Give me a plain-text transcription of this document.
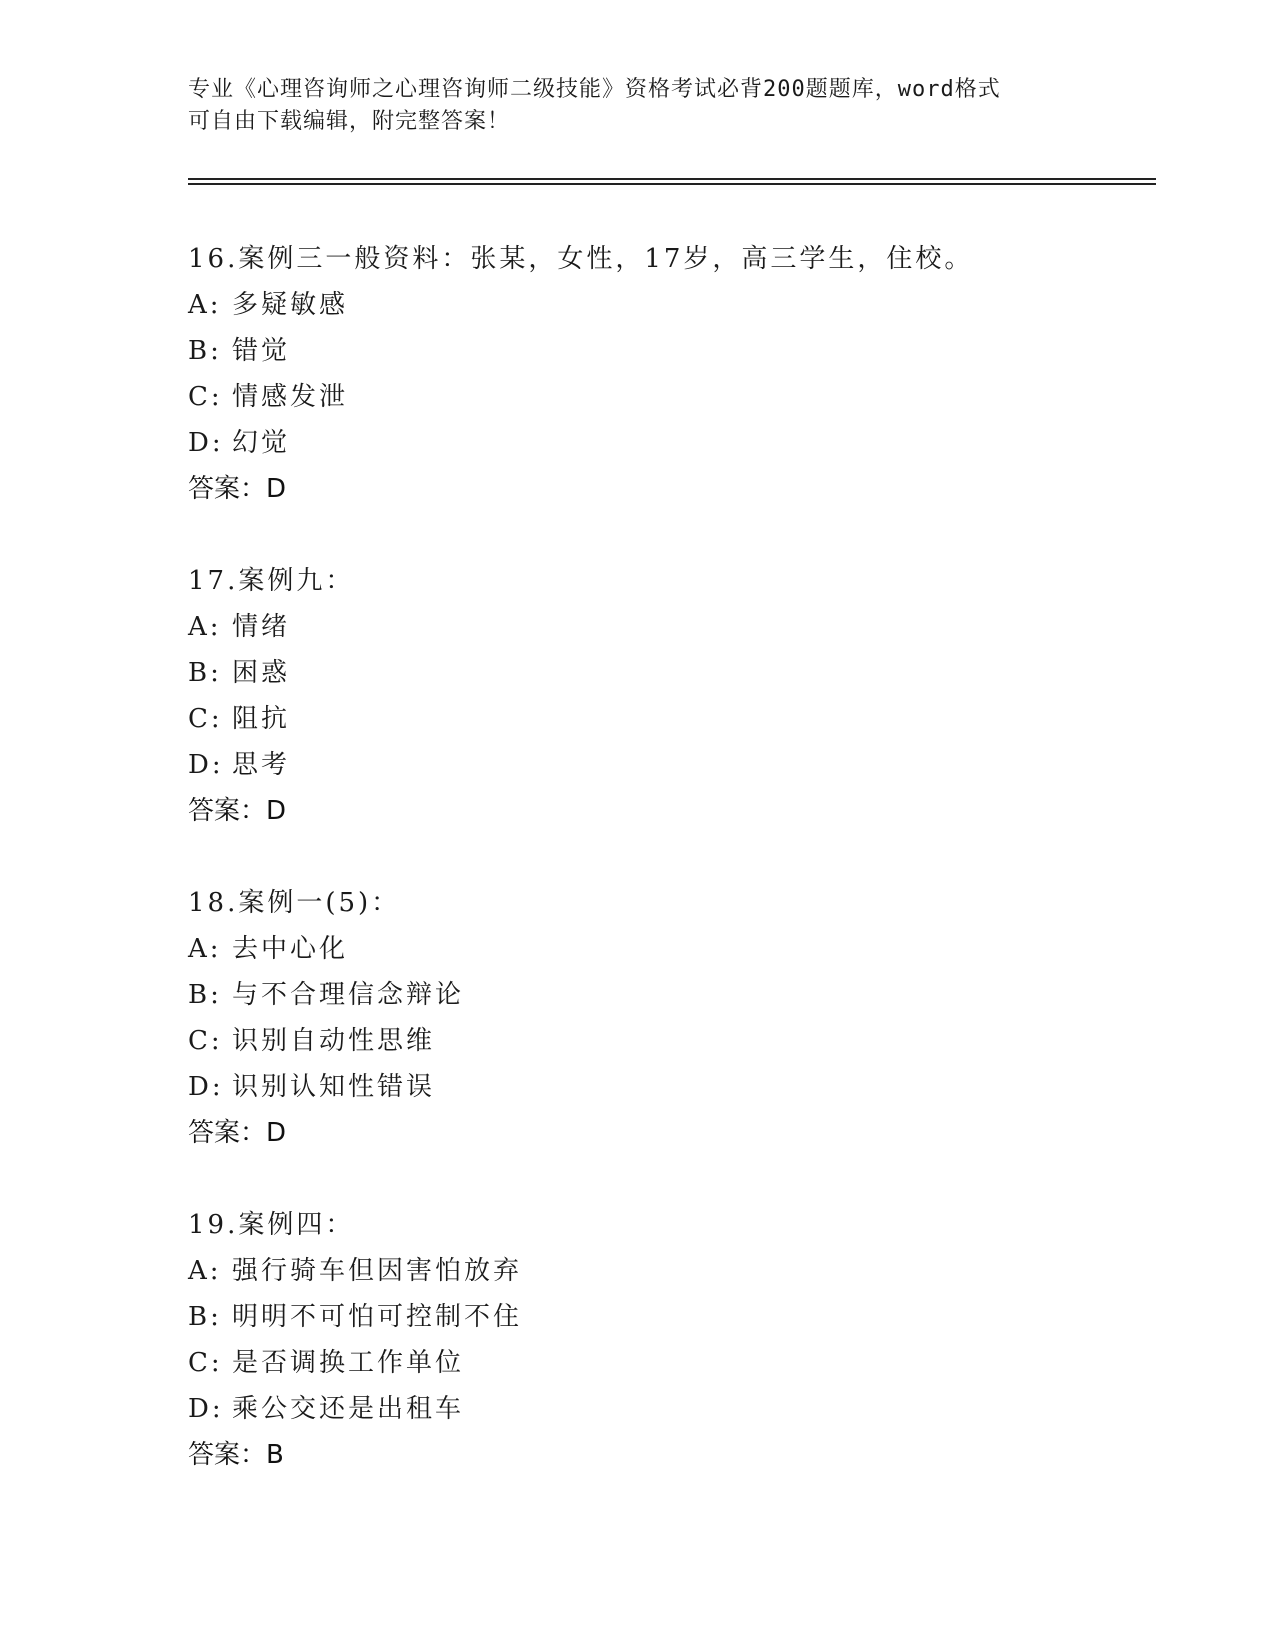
专业《心理咨询师之心理咨询师二级技能》资格考试必背200题题库，word格式
可自由下载编辑，附完整答案！
16.案例三一般资料：张某，女性，17岁，高三学生，住校。
A: 多疑敏感
B: 错觉
C: 情感发泄
D: 幻觉
答案：D
17.案例九：
A: 情绪
B: 困惑
C: 阻抗
D: 思考
答案：D
18.案例一(5)：
A: 去中心化
B: 与不合理信念辩论
C: 识别自动性思维
D: 识别认知性错误
答案：D
19.案例四：
A: 强行骑车但因害怕放弃
B: 明明不可怕可控制不住
C: 是否调换工作单位
D: 乘公交还是出租车
答案：B
